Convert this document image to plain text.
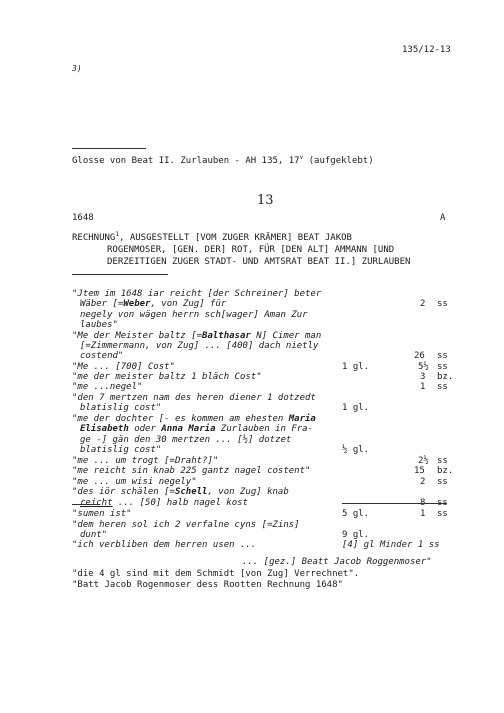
135/12-13
3)
Glosse von Beat II. Zurlauben - AH 135, 17$^v$ (aufgeklebt)
13
1648	A
RECHNUNG$^1$, AUSGESTELLT [VOM ZUGER KRÄMER] BEAT JAKOB
ROGENMOSER, [GEN. DER] ROT, FÜR [DEN ALT] AMMANN [UND
DERZEITIGEN ZUGER STADT- UND AMTSRAT BEAT II.] ZURLAUBEN
"Jtem im 1648 iar reicht [der Schreiner] beter
Wäber [=Weber, von Zug] für	2 ss
negely von wägen herrn sch[wager] Aman Zur
laubes"
"Me der Meister baltz [=Balthasar N] Cimer man
[=Zimmermann, von Zug] ... [400] dach nietly
costend"	26 ss
"Me ... [700] Cost"	1 gl.	5½ ss
"me der meister baltz 1 bläch Cost"	3 bz.
"me ...negel"	1 ss
"den 7 mertzen nam des heren diener 1 dotzedt
blatislig cost"	1 gl.
"me der dochter [- es kommen am ehesten Maria
Elisabeth oder Anna Maria Zurlauben in Fra-
ge -] gän den 30 mertzen ... [½] dotzet
blatislig cost"	½ gl.
"me ... um trogt [=Draht?]"	2½ ss
"me reicht sin knab 225 gantz nagel costent"	15 bz.
"me ... um wisi negely"	2 ss
"des iör schälen [=Schell, von Zug] knab
reicht ... [50] halb nagel kost	8 ss
"sumen ist"	5 gl.	1 ss
"dem heren sol ich 2 verfalne cyns [=Zins]
dunt"	9 gl.
"ich verbliben dem herren usen ...	[4] gl Minder 1 ss
... [gez.] Beatt Jacob Roggenmoser"
"die 4 gl sind mit dem Schmidt [von Zug] Verrechnet".
"Batt Jacob Rogenmoser dess Rootten Rechnung 1648"
